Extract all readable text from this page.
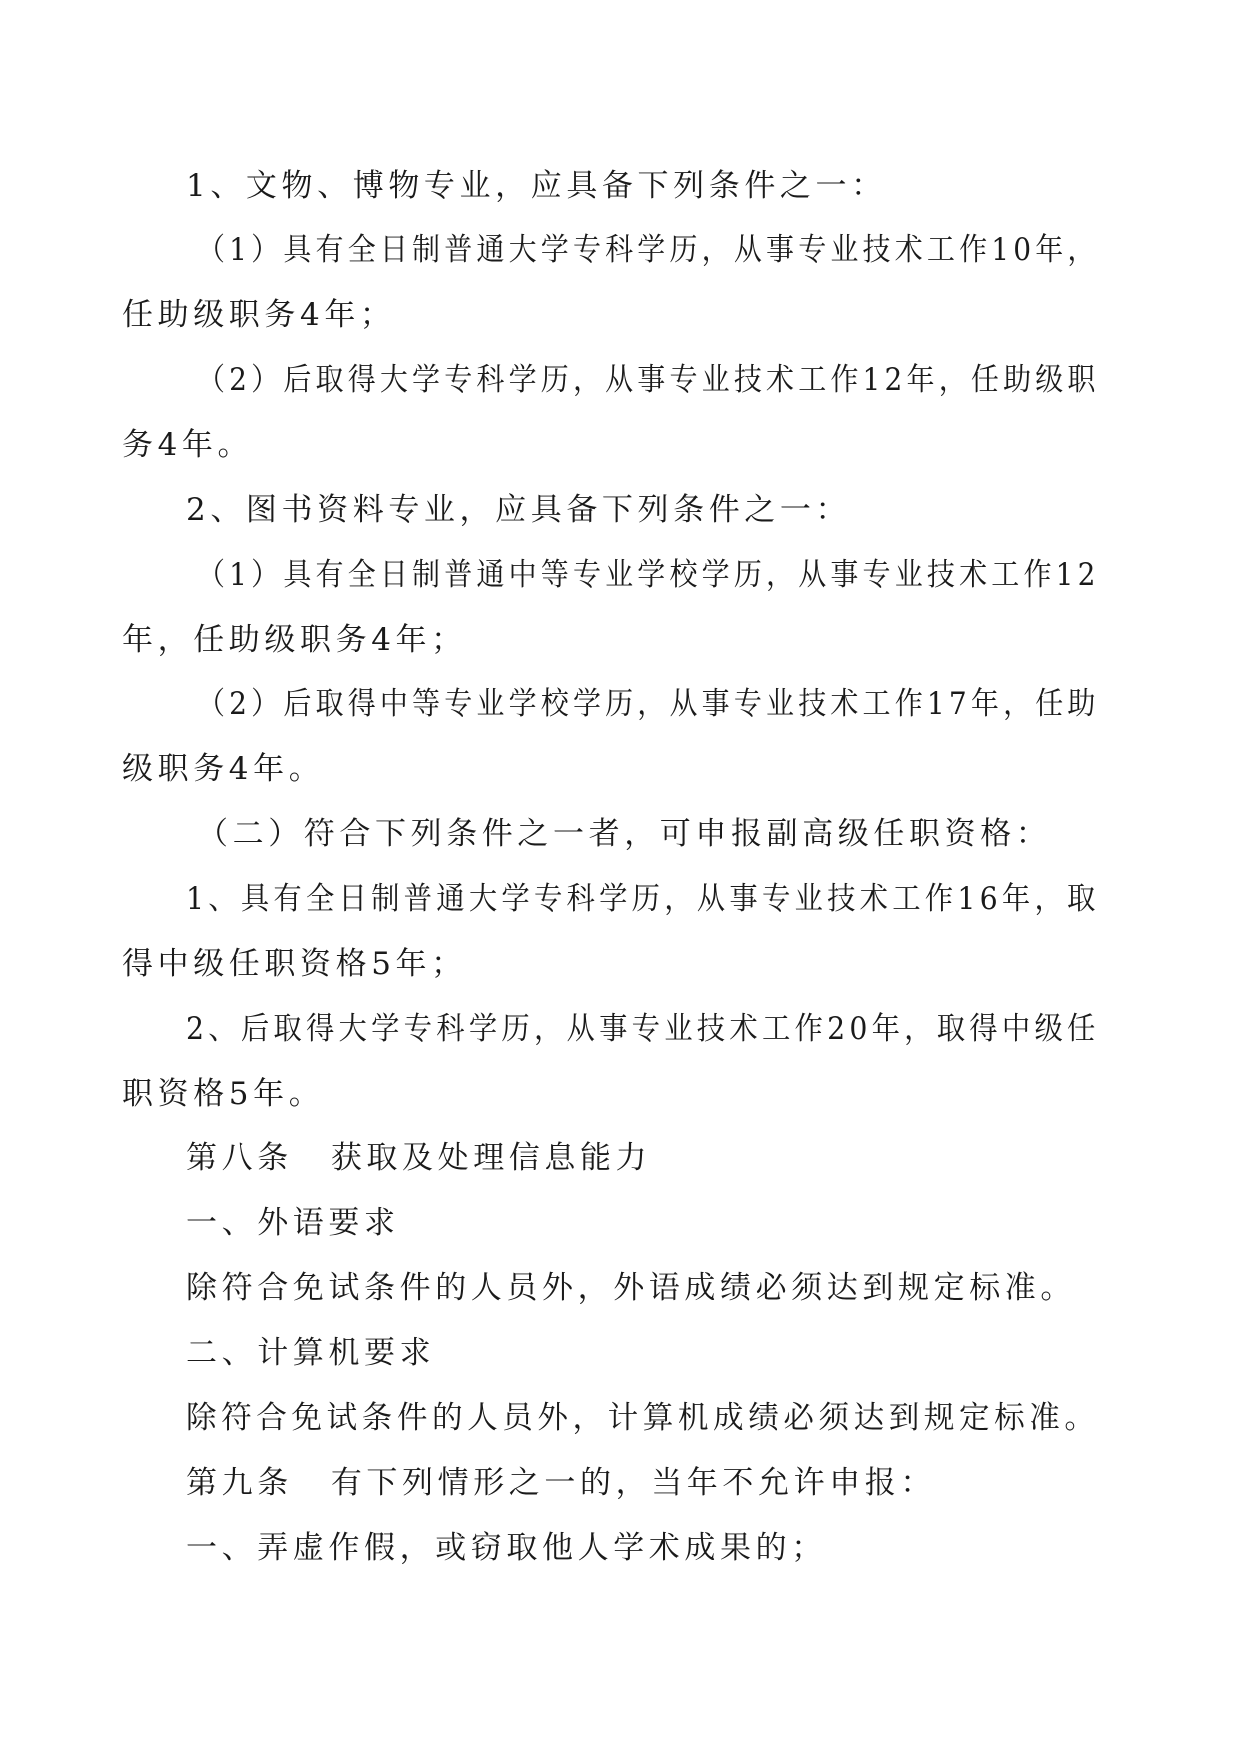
1、文物、博物专业，应具备下列条件之一：
（1）具有全日制普通大学专科学历，从事专业技术工作10年，
任助级职务4年；
（2）后取得大学专科学历，从事专业技术工作12年，任助级职
务4年。
2、图书资料专业，应具备下列条件之一：
（1）具有全日制普通中等专业学校学历，从事专业技术工作12
年，任助级职务4年；
（2）后取得中等专业学校学历，从事专业技术工作17年，任助
级职务4年。
（二）符合下列条件之一者，可申报副高级任职资格：
1、具有全日制普通大学专科学历，从事专业技术工作16年，取
得中级任职资格5年；
2、后取得大学专科学历，从事专业技术工作20年，取得中级任
职资格5年。
第八条 获取及处理信息能力
一、外语要求
除符合免试条件的人员外，外语成绩必须达到规定标准。
二、计算机要求
除符合免试条件的人员外，计算机成绩必须达到规定标准。
第九条 有下列情形之一的，当年不允许申报：
一、弄虚作假，或窃取他人学术成果的；
